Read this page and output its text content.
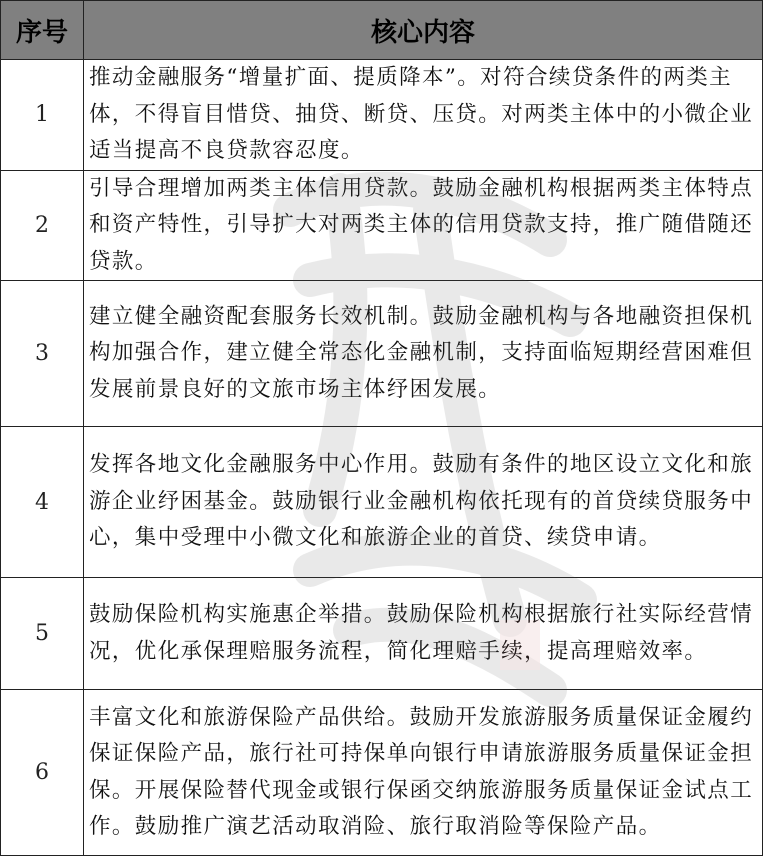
序号	核心内容
1	推动金融服务“增量扩面、提质降本”。对符合续贷条件的两类主体，不得盲目惜贷、抽贷、断贷、压贷。对两类主体中的小微企业适当提高不良贷款容忍度。
2	引导合理增加两类主体信用贷款。鼓励金融机构根据两类主体特点和资产特性，引导扩大对两类主体的信用贷款支持，推广随借随还贷款。
3	建立健全融资配套服务长效机制。鼓励金融机构与各地融资担保机构加强合作，建立健全常态化金融机制，支持面临短期经营困难但发展前景良好的文旅市场主体纾困发展。
4	发挥各地文化金融服务中心作用。鼓励有条件的地区设立文化和旅游企业纾困基金。鼓励银行业金融机构依托现有的首贷续贷服务中心，集中受理中小微文化和旅游企业的首贷、续贷申请。
5	鼓励保险机构实施惠企举措。鼓励保险机构根据旅行社实际经营情况，优化承保理赔服务流程，简化理赔手续，提高理赔效率。
6	丰富文化和旅游保险产品供给。鼓励开发旅游服务质量保证金履约保证保险产品，旅行社可持保单向银行申请旅游服务质量保证金担保。开展保险替代现金或银行保函交纳旅游服务质量保证金试点工作。鼓励推广演艺活动取消险、旅行取消险等保险产品。
